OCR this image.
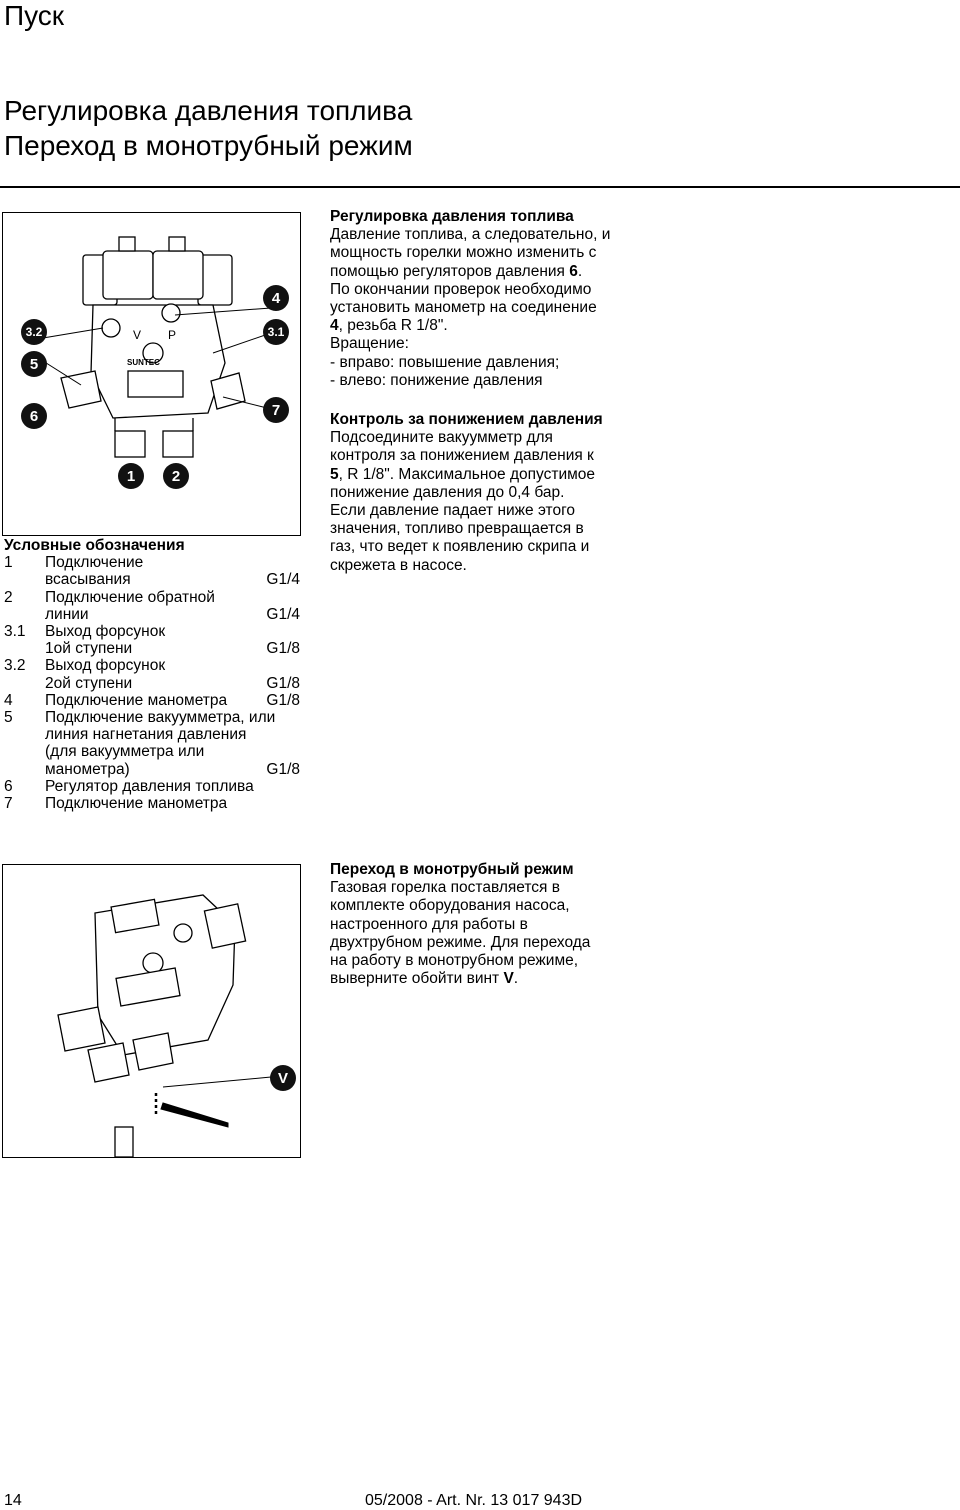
Пуск
Регулировка давления топлива
Переход в монотрубный режим
V P
SUNTEC
3.2
5
6
4
3.1
7
1	2
Условные обозначения
1	Подключение
всасывания	G1/4
2	Подключение обратной
линии	G1/4
3.1	Выход форсунок
1ой ступени	G1/8
3.2	Выход форсунок
2ой ступени	G1/8
4	Подключение манометра	G1/8
5	Подключение вакуумметра, или
линия нагнетания давления
(для вакуумметра или
манометра)	G1/8
6	Регулятор давления топлива
7	Подключение манометра
Регулировка давления топлива

Давление топлива, а следовательно, и

мощность горелки можно изменить с

помощью регуляторов давления 6.

По окончании проверок необходимо

установить манометр на соединение

4, резьба R 1/8".

Вращение:

- вправо: повышение давления;

- влево: понижение давления

Контроль за понижением давления

Подсоедините вакуумметр для

контроля за понижением давления к

5, R 1/8". Максимальное допустимое

понижение давления до 0,4 бар.

Если давление падает ниже этого

значения, топливо превращается в

газ, что ведет к появлению скрипа и

скрежета в насосе.

V
Переход в монотрубный режим

Газовая горелка поставляется в

комплекте оборудования насоса,

настроенного для работы в

двухтрубном режиме. Для перехода

на работу в монотрубном режиме,

выверните обойти винт V.

14	05/2008 - Art. Nr. 13 017 943D
